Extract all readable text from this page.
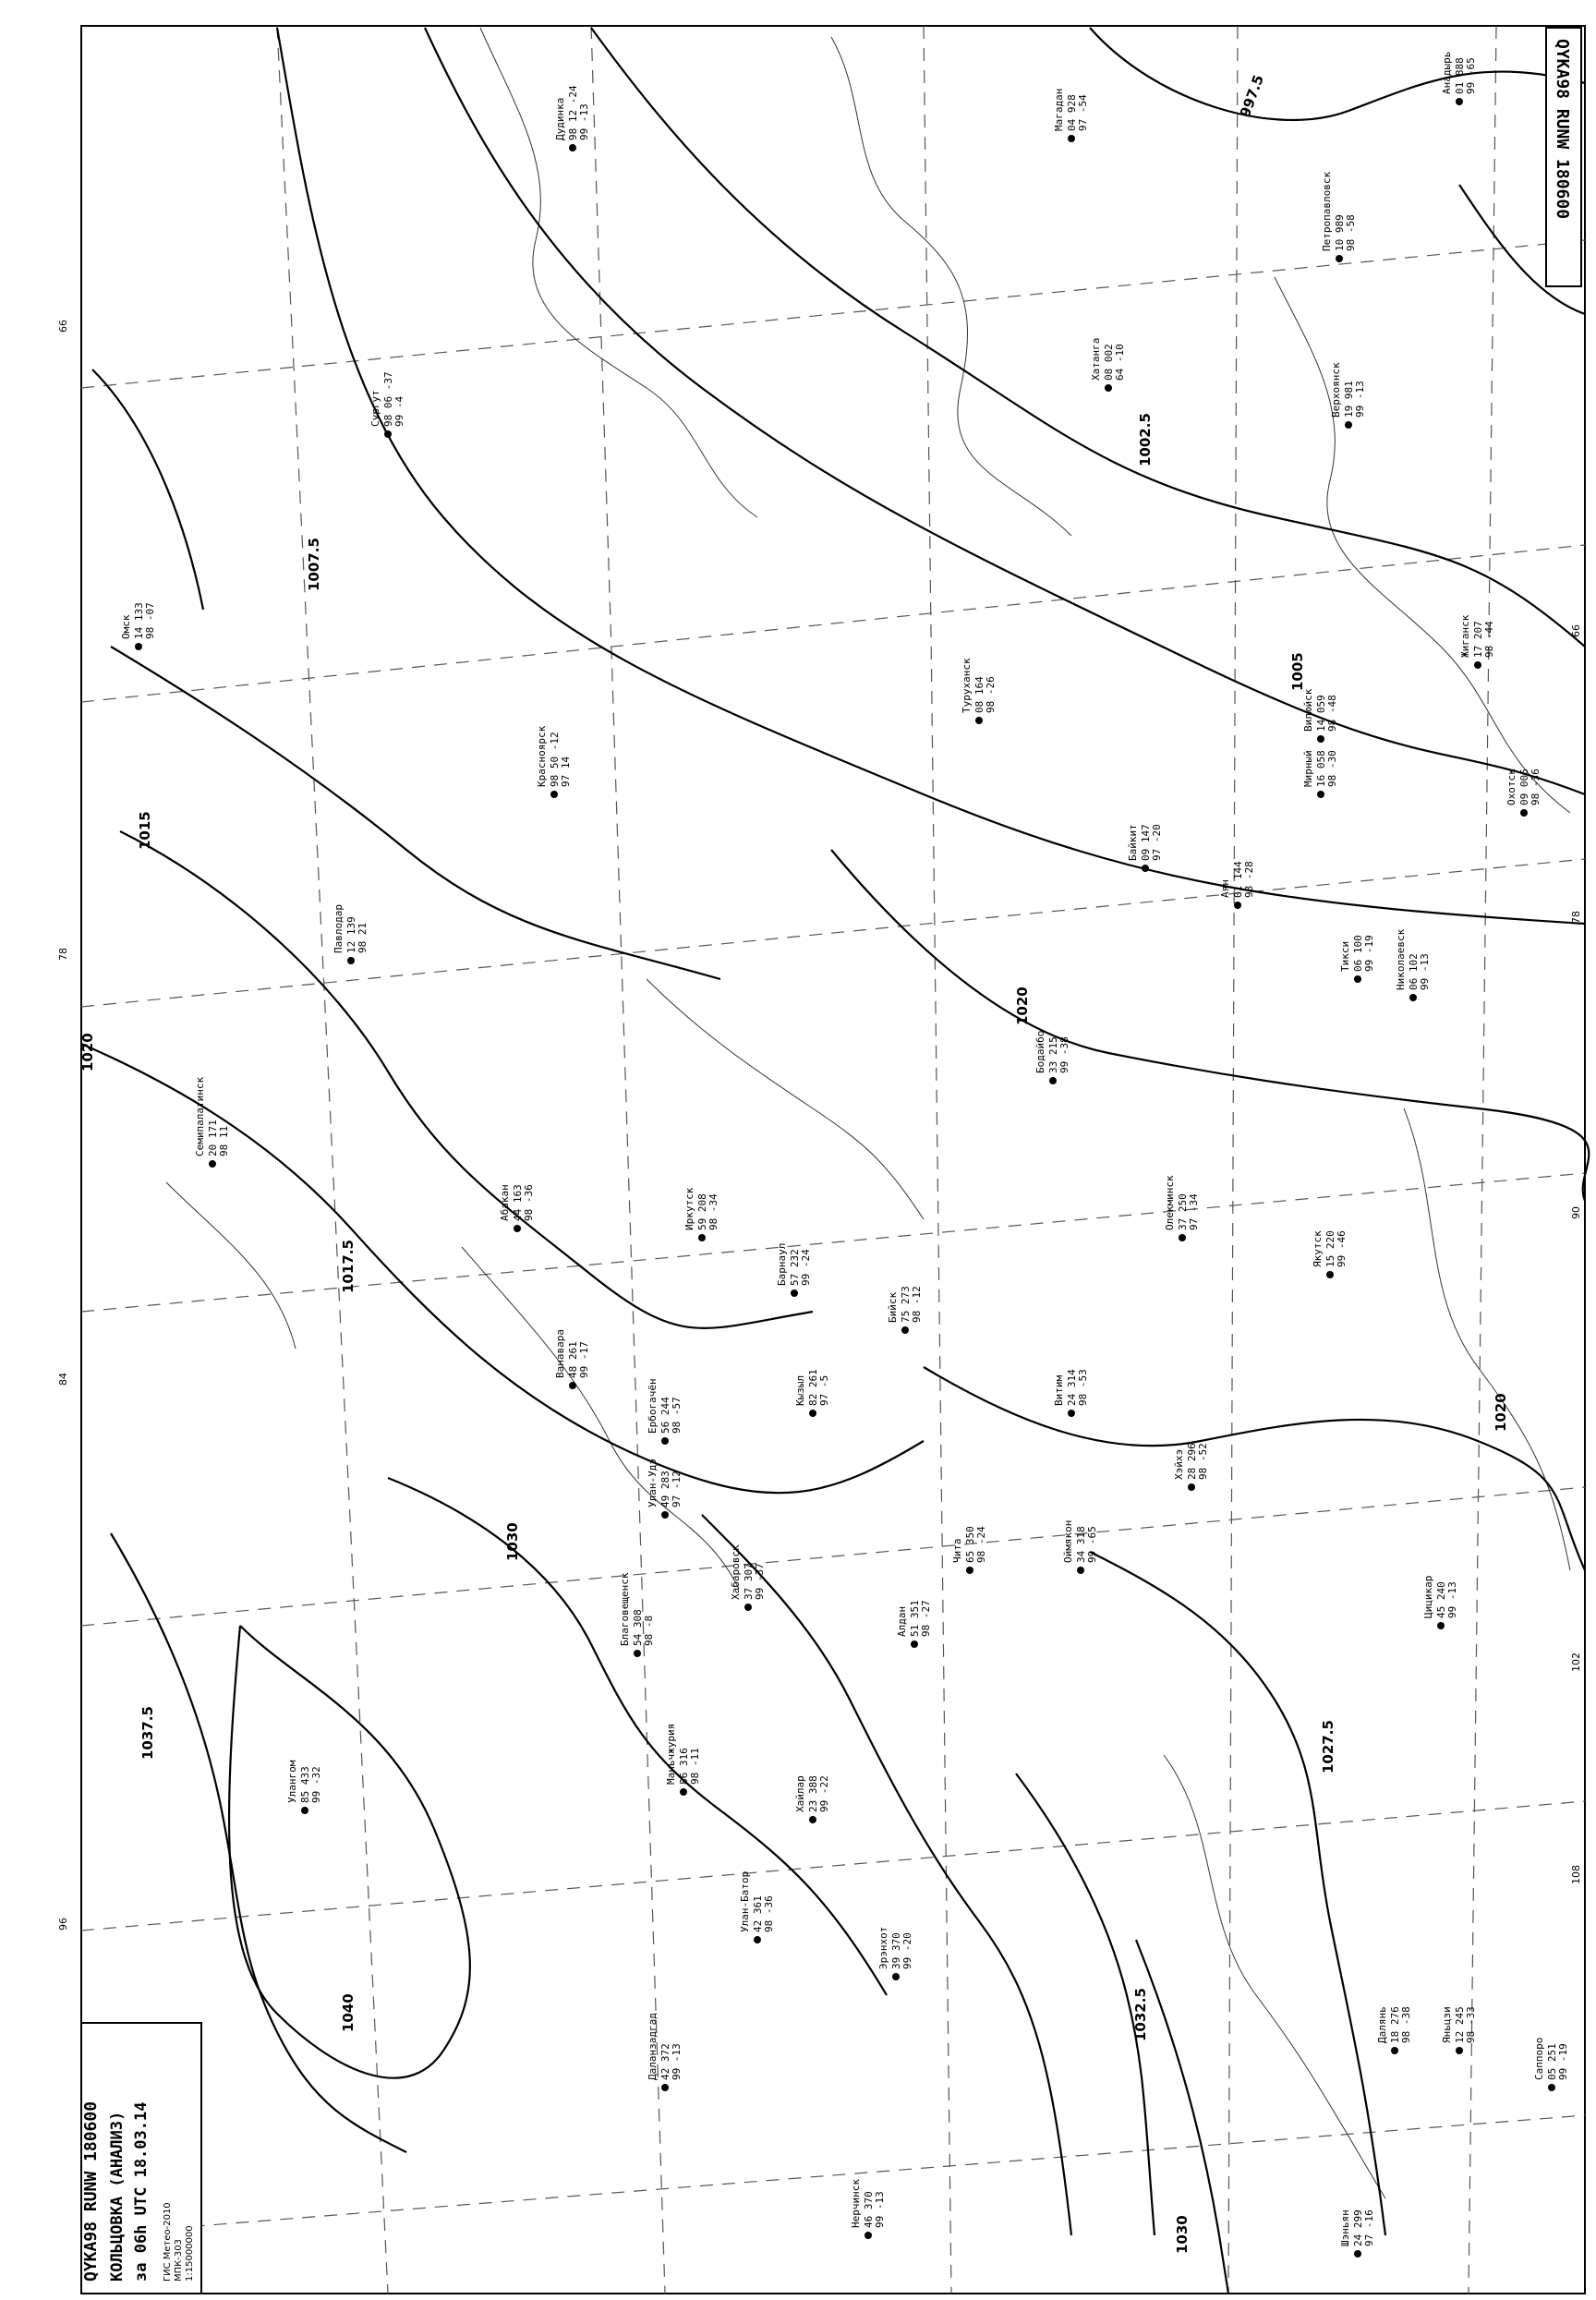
997.5
1002.5
1005
1007.5
1015
1017.5
1020
1020
1020
1027.5
1030
1030
1032.5
1037.5
1040
Сургут 98 06 -37 99 -4
Красноярск 98 50 -12 97 14
Дудинка 98 12 -24 99 -13
Павлодар 12 139 98 21
Семипалатинск 20 171 98 11
Хатанга 08 002 64 -10
Омск 14 133 98 -07
Барнаул 57 232 99 -24
Бийск 75 273 98 -12
Кызыл 82 261 97 -5
Абакан 44 163 98 -36	Иркутск 59 208 98 -34
Улан-Удэ 49 283 97 -12
Чита 65 350 98 -24
Нерчинск 46 370 99 -13
Мирный 16 058 98 -30
Якутск 15 220 99 -46
Олекминск 37 250 97 -34
Витим 24 314 98 -53
Бодайбо 33 215 99 -38
Туруханск 08 164 98 -26
Байкит 09 147 97 -20
Ванавара 48 261 99 -17
Ербогачён 56 244 98 -57
Вилюйск 14 059 98 -48
Жиганск 17 207 98 -44
Тикси 06 100 99 -19
Верхоянск 19 981 99 -13
Оймякон 34 318 99 -65
Алдан 51 351 98 -27
Благовещенск 54 308 98 -8
Хабаровск 37 307 99 -37
Маньчжурия 86 316 98 -11
Хайлар 23 388 99 -22
Улангом 85 433 99 -32
Улан-Батор 42 361 98 -36
Даланзадгад 42 372 99 -13
Эрэнхот 39 370 99 -20
Хэйхэ 28 296 98 -52
Цицикар 45 240 99 -13
Яньцзи 12 245 98 -33
Шэньян 24 299 97 -16
Далянь 18 276 98 -38
Саппоро 05 251 99 -19
Магадан 04 928 97 -54
Охотск 09 006 98 -36
Аян 01 144 98 -28
Николаевск 06 102 99 -13
Петропавловск 10 989 98 -58
Анадырь 01 888 99 -65
66
78
84
96
66
78
90
102
108
QYKA98 RUNW 180600
QYKA98 RUNW 180600 КОЛЬЦОВКА (АНАЛИЗ) за 06h UTC 18.03.14 ГИС Метео-2010 МПК-303 1:15000000
